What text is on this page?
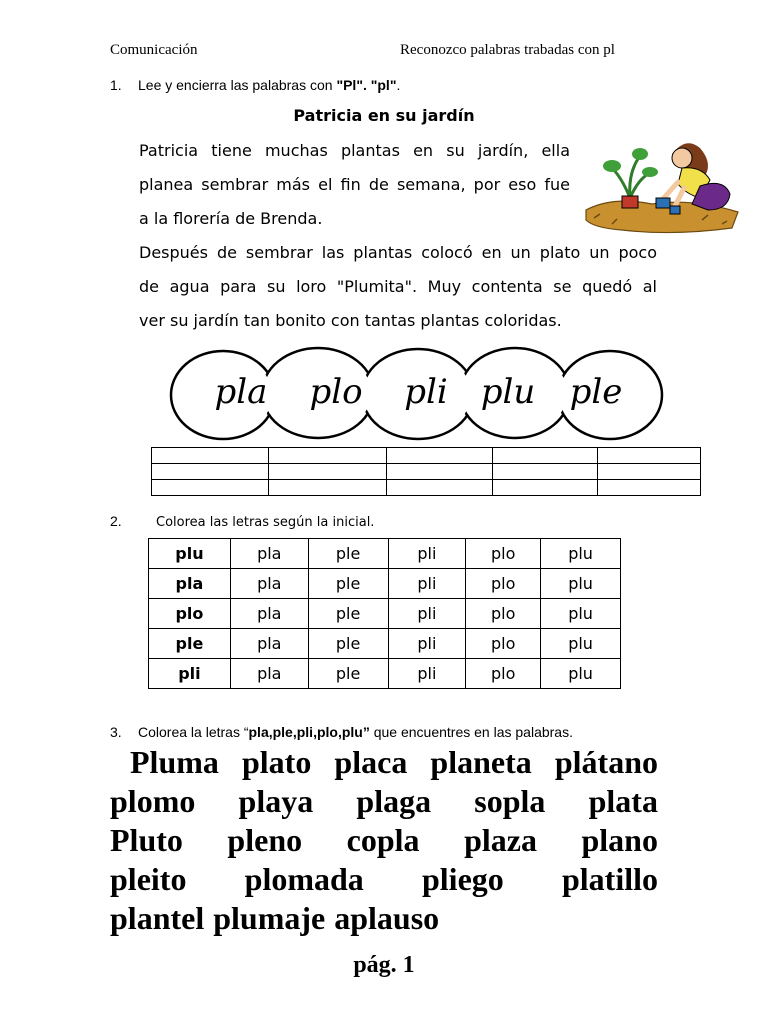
Comunicación	Reconozco palabras trabadas con pl
1. Lee y encierra las palabras con "Pl". "pl".
Patricia en su jardín
Patricia tiene muchas plantas en su jardín, ella
planea sembrar más el fin de semana, por eso fue
a la florería de Brenda.
Después de sembrar las plantas colocó en un plato un poco
de agua para su loro "Plumita". Muy contenta se quedó al
ver su jardín tan bonito con tantas plantas coloridas.
pla plo pli plu ple

2.	Colorea las letras según la inicial.
plu	pla	ple	pli	plo	plu
pla	pla	ple	pli	plo	plu
plo	pla	ple	pli	plo	plu
ple	pla	ple	pli	plo	plu
pli	pla	ple	pli	plo	plu
3. Colorea la letras “pla,ple,pli,plo,plu” que encuentres en las palabras.
Pluma plato placa planeta plátano
plomo playa plaga sopla plata
Pluto pleno copla plaza plano
pleito plomada pliego platillo
plantel plumaje aplauso
pág. 1
